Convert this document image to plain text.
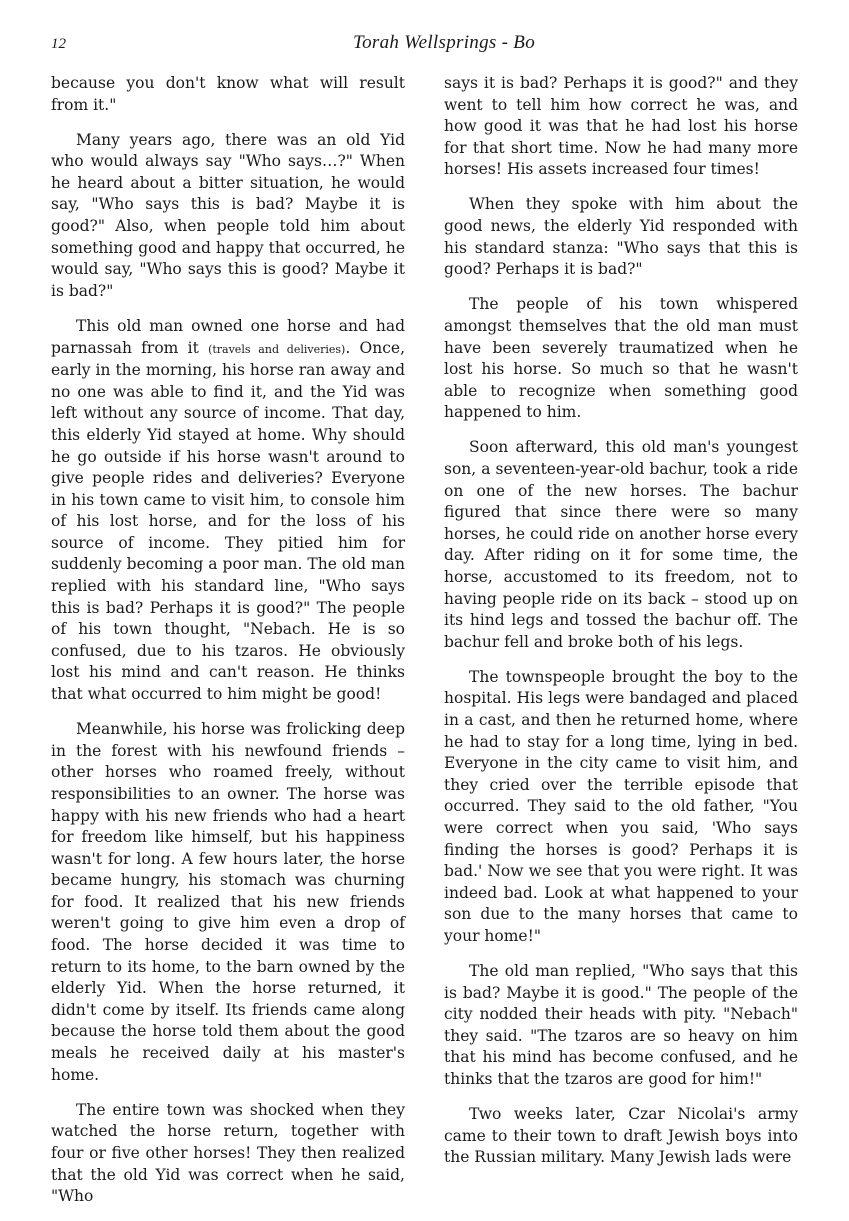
12	Torah Wellsprings - Bo

because you don't know what will result from it."

Many years ago, there was an old Yid who would always say "Who says…?" When he heard about a bitter situation, he would say, "Who says this is bad? Maybe it is good?" Also, when people told him about something good and happy that occurred, he would say, "Who says this is good? Maybe it is bad?"

This old man owned one horse and had parnassah from it (travels and deliveries). Once, early in the morning, his horse ran away and no one was able to find it, and the Yid was left without any source of income. That day, this elderly Yid stayed at home. Why should he go outside if his horse wasn't around to give people rides and deliveries? Everyone in his town came to visit him, to console him of his lost horse, and for the loss of his source of income. They pitied him for suddenly becoming a poor man. The old man replied with his standard line, "Who says this is bad? Perhaps it is good?" The people of his town thought, "Nebach. He is so confused, due to his tzaros. He obviously lost his mind and can't reason. He thinks that what occurred to him might be good!

Meanwhile, his horse was frolicking deep in the forest with his newfound friends – other horses who roamed freely, without responsibilities to an owner. The horse was happy with his new friends who had a heart for freedom like himself, but his happiness wasn't for long. A few hours later, the horse became hungry, his stomach was churning for food. It realized that his new friends weren't going to give him even a drop of food. The horse decided it was time to return to its home, to the barn owned by the elderly Yid. When the horse returned, it didn't come by itself. Its friends came along because the horse told them about the good meals he received daily at his master's home.

The entire town was shocked when they watched the horse return, together with four or five other horses! They then realized that the old Yid was correct when he said, "Who

says it is bad? Perhaps it is good?" and they went to tell him how correct he was, and how good it was that he had lost his horse for that short time. Now he had many more horses! His assets increased four times!

When they spoke with him about the good news, the elderly Yid responded with his standard stanza: "Who says that this is good? Perhaps it is bad?"

The people of his town whispered amongst themselves that the old man must have been severely traumatized when he lost his horse. So much so that he wasn't able to recognize when something good happened to him.

Soon afterward, this old man's youngest son, a seventeen-year-old bachur, took a ride on one of the new horses. The bachur figured that since there were so many horses, he could ride on another horse every day. After riding on it for some time, the horse, accustomed to its freedom, not to having people ride on its back – stood up on its hind legs and tossed the bachur off. The bachur fell and broke both of his legs.

The townspeople brought the boy to the hospital. His legs were bandaged and placed in a cast, and then he returned home, where he had to stay for a long time, lying in bed. Everyone in the city came to visit him, and they cried over the terrible episode that occurred. They said to the old father, "You were correct when you said, 'Who says finding the horses is good? Perhaps it is bad.' Now we see that you were right. It was indeed bad. Look at what happened to your son due to the many horses that came to your home!"

The old man replied, "Who says that this is bad? Maybe it is good." The people of the city nodded their heads with pity. "Nebach" they said. "The tzaros are so heavy on him that his mind has become confused, and he thinks that the tzaros are good for him!"

Two weeks later, Czar Nicolai's army came to their town to draft Jewish boys into the Russian military. Many Jewish lads were
